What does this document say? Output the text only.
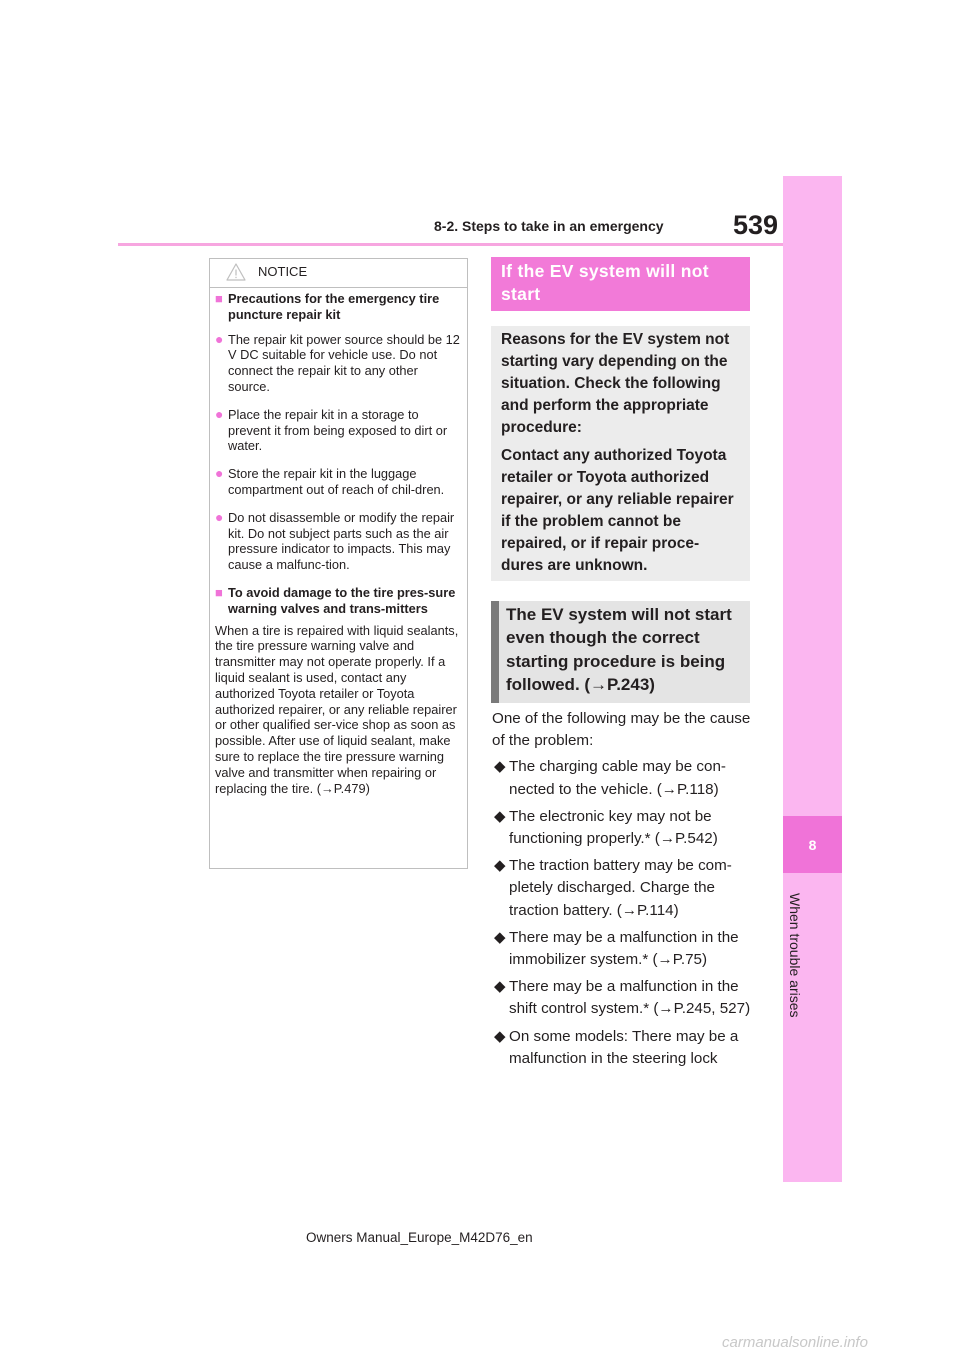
8-2. Steps to take in an emergency	539
8
When trouble arises
NOTICE
■ Precautions for the emergency tire puncture repair kit
● The repair kit power source should be 12 V DC suitable for vehicle use. Do not connect the repair kit to any other source.
● Place the repair kit in a storage to prevent it from being exposed to dirt or water.
● Store the repair kit in the luggage compartment out of reach of chil-dren.
● Do not disassemble or modify the repair kit. Do not subject parts such as the air pressure indicator to impacts. This may cause a malfunc-tion.
■ To avoid damage to the tire pres-sure warning valves and trans-mitters
When a tire is repaired with liquid sealants, the tire pressure warning valve and transmitter may not operate properly. If a liquid sealant is used, contact any authorized Toyota retailer or Toyota authorized repairer, or any reliable repairer or other qualified ser-vice shop as soon as possible. After use of liquid sealant, make sure to replace the tire pressure warning valve and transmitter when repairing or replacing the tire. (→P.479)
If the EV system will not start

Reasons for the EV system not starting vary depending on the situation. Check the following and perform the appropriate procedure:

Contact any authorized Toyota retailer or Toyota authorized repairer, or any reliable repairer if the problem cannot be repaired, or if repair proce-dures are unknown.

The EV system will not start even though the correct starting procedure is being followed. (→P.243)
One of the following may be the cause of the problem:
◆ The charging cable may be con-nected to the vehicle. (→P.118)
◆ The electronic key may not be functioning properly.* (→P.542)
◆ The traction battery may be com-pletely discharged. Charge the traction battery. (→P.114)
◆ There may be a malfunction in the immobilizer system.* (→P.75)
◆ There may be a malfunction in the shift control system.* (→P.245, 527)
◆ On some models: There may be a malfunction in the steering lock
Owners Manual_Europe_M42D76_en
carmanualsonline.info
